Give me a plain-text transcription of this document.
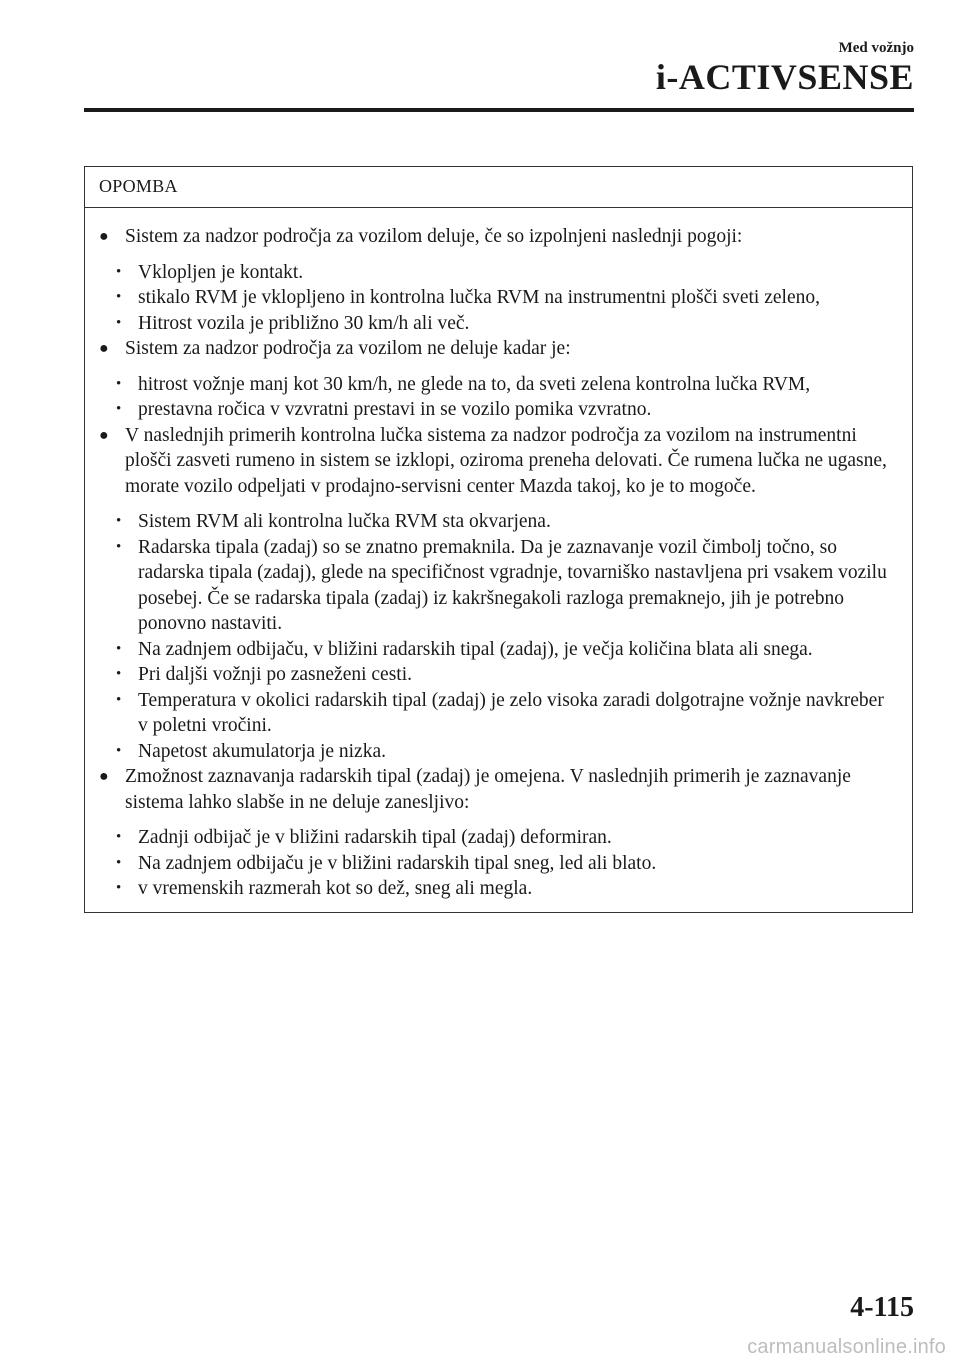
Med vožnjo
i-ACTIVSENSE
OPOMBA

● Sistem za nadzor področja za vozilom deluje, če so izpolnjeni naslednji pogoji:

• Vklopljen je kontakt.

• stikalo RVM je vklopljeno in kontrolna lučka RVM na instrumentni plošči sveti zeleno,

• Hitrost vozila je približno 30 km/h ali več.

● Sistem za nadzor področja za vozilom ne deluje kadar je:

• hitrost vožnje manj kot 30 km/h, ne glede na to, da sveti zelena kontrolna lučka RVM,

• prestavna ročica v vzvratni prestavi in se vozilo pomika vzvratno.

● V naslednjih primerih kontrolna lučka sistema za nadzor področja za vozilom na instrumentni plošči zasveti rumeno in sistem se izklopi, oziroma preneha delovati. Če rumena lučka ne ugasne, morate vozilo odpeljati v prodajno-servisni center Mazda takoj, ko je to mogoče.

• Sistem RVM ali kontrolna lučka RVM sta okvarjena.

• Radarska tipala (zadaj) so se znatno premaknila. Da je zaznavanje vozil čimbolj točno, so radarska tipala (zadaj), glede na specifičnost vgradnje, tovarniško nastavljena pri vsakem vozilu posebej. Če se radarska tipala (zadaj) iz kakršnegakoli razloga premaknejo, jih je potrebno ponovno nastaviti.

• Na zadnjem odbijaču, v bližini radarskih tipal (zadaj), je večja količina blata ali snega.

• Pri daljši vožnji po zasneženi cesti.

• Temperatura v okolici radarskih tipal (zadaj) je zelo visoka zaradi dolgotrajne vožnje navkreber v poletni vročini.

• Napetost akumulatorja je nizka.

● Zmožnost zaznavanja radarskih tipal (zadaj) je omejena. V naslednjih primerih je zaznavanje sistema lahko slabše in ne deluje zanesljivo:

• Zadnji odbijač je v bližini radarskih tipal (zadaj) deformiran.

• Na zadnjem odbijaču je v bližini radarskih tipal sneg, led ali blato.

• v vremenskih razmerah kot so dež, sneg ali megla.

4-115
carmanualsonline.info
